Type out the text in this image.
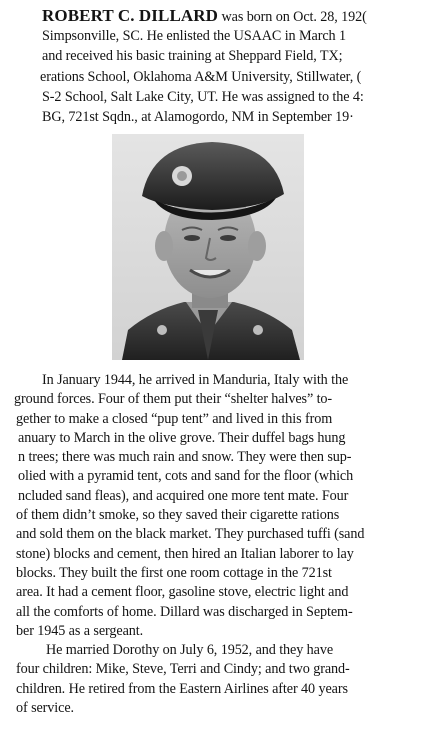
ROBERT C. DILLARD was born on Oct. 28, 192(
Simpsonville, SC. He enlisted the USAAC in March 1
and received his basic training at Sheppard Field, TX;
erations School, Oklahoma A&M University, Stillwater, (
S-2 School, Salt Lake City, UT. He was assigned to the 4:
BG, 721st Sqdn., at Alamogordo, NM in September 19·
In January 1944, he arrived in Manduria, Italy with the
ground forces. Four of them put their “shelter halves” to-
gether to make a closed “pup tent” and lived in this from
anuary to March in the olive grove. Their duffel bags hung
n trees; there was much rain and snow. They were then sup-
olied with a pyramid tent, cots and sand for the floor (which
ncluded sand fleas), and acquired one more tent mate. Four
of them didn’t smoke, so they saved their cigarette rations
and sold them on the black market. They purchased tuffi (sand
stone) blocks and cement, then hired an Italian laborer to lay
blocks. They built the first one room cottage in the 721st
area. It had a cement floor, gasoline stove, electric light and
all the comforts of home. Dillard was discharged in Septem-
ber 1945 as a sergeant.
He married Dorothy on July 6, 1952, and they have
four children: Mike, Steve, Terri and Cindy; and two grand-
children. He retired from the Eastern Airlines after 40 years
of service.
